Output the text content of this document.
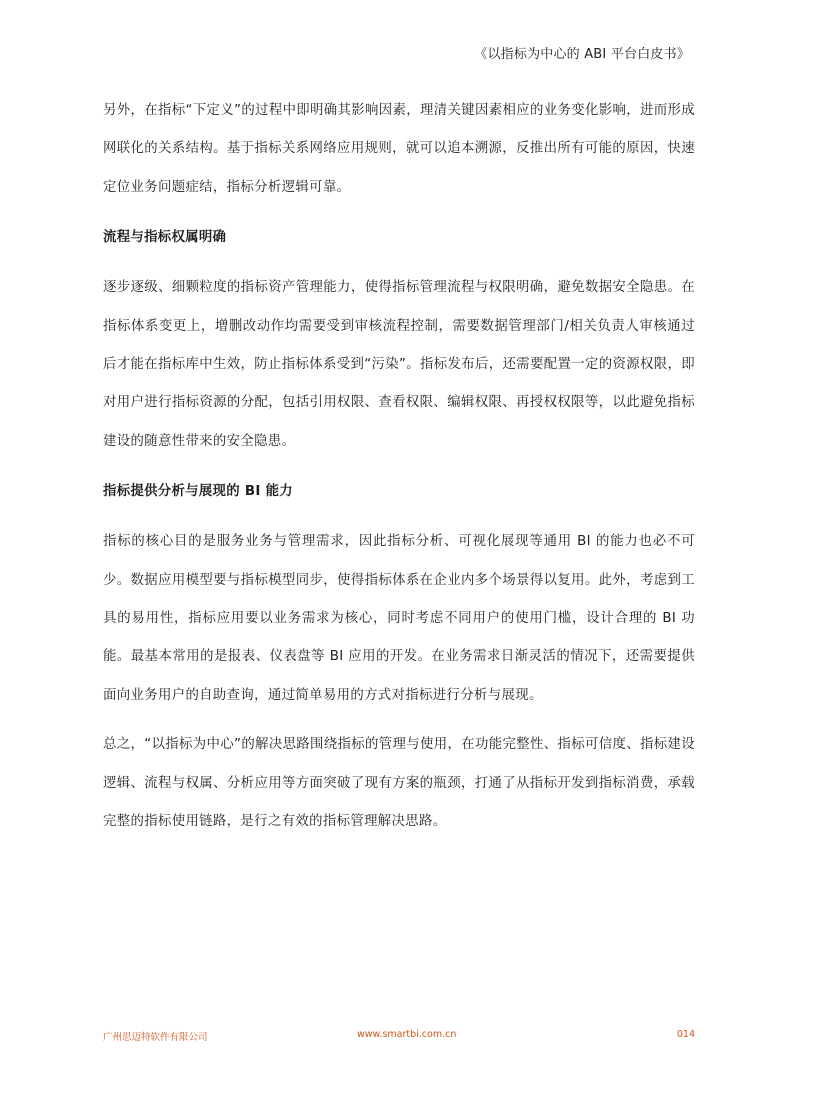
《以指标为中心的 ABI 平台白皮书》

另外，在指标“下定义”的过程中即明确其影响因素，理清关键因素相应的业务变化影响，进而形成网联化的关系结构。基于指标关系网络应用规则，就可以追本溯源，反推出所有可能的原因，快速定位业务问题症结，指标分析逻辑可靠。

流程与指标权属明确

逐步逐级、细颗粒度的指标资产管理能力，使得指标管理流程与权限明确，避免数据安全隐患。在指标体系变更上，增删改动作均需要受到审核流程控制，需要数据管理部门/相关负责人审核通过后才能在指标库中生效，防止指标体系受到“污染”。指标发布后，还需要配置一定的资源权限，即对用户进行指标资源的分配，包括引用权限、查看权限、编辑权限、再授权权限等，以此避免指标建设的随意性带来的安全隐患。

指标提供分析与展现的 BI 能力

指标的核心目的是服务业务与管理需求，因此指标分析、可视化展现等通用 BI 的能力也必不可少。数据应用模型要与指标模型同步，使得指标体系在企业内多个场景得以复用。此外，考虑到工具的易用性，指标应用要以业务需求为核心，同时考虑不同用户的使用门槛，设计合理的 BI 功能。最基本常用的是报表、仪表盘等 BI 应用的开发。在业务需求日渐灵活的情况下，还需要提供面向业务用户的自助查询，通过简单易用的方式对指标进行分析与展现。

总之，“以指标为中心”的解决思路围绕指标的管理与使用，在功能完整性、指标可信度、指标建设逻辑、流程与权属、分析应用等方面突破了现有方案的瓶颈，打通了从指标开发到指标消费，承载完整的指标使用链路，是行之有效的指标管理解决思路。

广州思迈特软件有限公司	www.smartbi.com.cn	014
